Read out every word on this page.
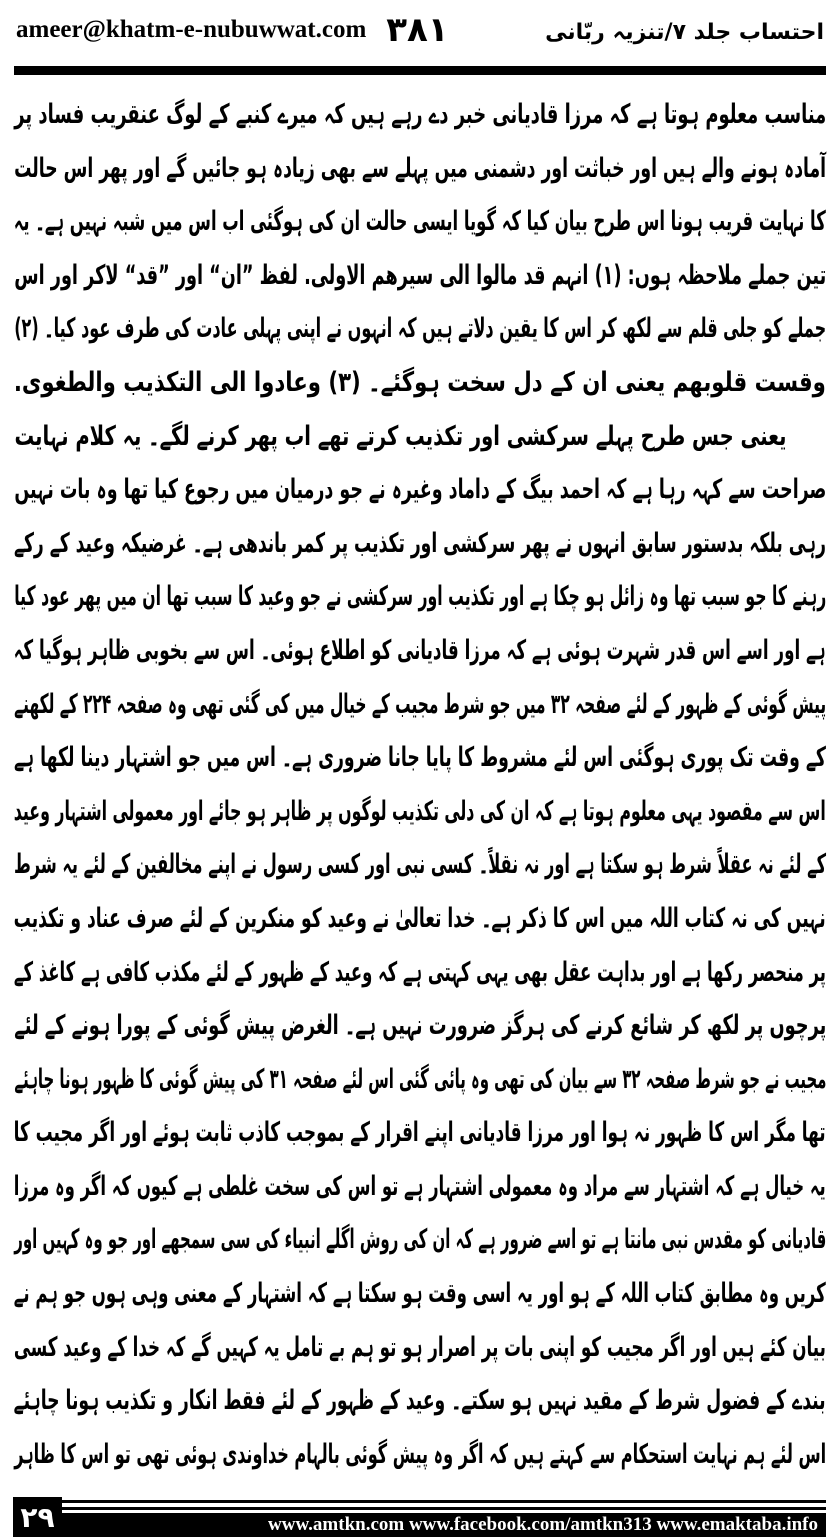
ameer@khatm-e-nubuwwat.com ۳۸۱	احتساب جلد ۷/تنزیہ ربّانی
مناسب معلوم ہوتا ہے کہ مرزا قادیانی خبر دے رہے ہیں کہ میرے کنبے کے لوگ عنقریب فساد پر
آمادہ ہونے والے ہیں اور خباثت اور دشمنی میں پہلے سے بھی زیادہ ہو جائیں گے اور پھر اس حالت
کا نہایت قریب ہونا اس طرح بیان کیا کہ گویا ایسی حالت ان کی ہوگئی اب اس میں شبہ نہیں ہے۔ یہ
تین جملے ملاحظہ ہوں: (۱) انہم قد مالوا الی سیرھم الاولی. لفظ ”ان“ اور ”قد“ لاکر اور اس
جملے کو جلی قلم سے لکھ کر اس کا یقین دلاتے ہیں کہ انہوں نے اپنی پہلی عادت کی طرف عود کیا۔ (۲)
وقست قلوبھم یعنی ان کے دل سخت ہوگئے۔ (۳) وعادوا الی التکذیب والطغوی.
یعنی جس طرح پہلے سرکشی اور تکذیب کرتے تھے اب پھر کرنے لگے۔ یہ کلام نہایت
صراحت سے کہہ رہا ہے کہ احمد بیگ کے داماد وغیرہ نے جو درمیان میں رجوع کیا تھا وہ بات نہیں
رہی بلکہ بدستور سابق انہوں نے پھر سرکشی اور تکذیب پر کمر باندھی ہے۔ غرضیکہ وعید کے رکے
رہنے کا جو سبب تھا وہ زائل ہو چکا ہے اور تکذیب اور سرکشی نے جو وعید کا سبب تھا ان میں پھر عود کیا
ہے اور اسے اس قدر شہرت ہوئی ہے کہ مرزا قادیانی کو اطلاع ہوئی۔ اس سے بخوبی ظاہر ہوگیا کہ
پیش گوئی کے ظہور کے لئے صفحہ ۳۲ میں جو شرط مجیب کے خیال میں کی گئی تھی وہ صفحہ ۲۲۴ کے لکھنے
کے وقت تک پوری ہوگئی اس لئے مشروط کا پایا جانا ضروری ہے۔ اس میں جو اشتہار دینا لکھا ہے
اس سے مقصود یہی معلوم ہوتا ہے کہ ان کی دلی تکذیب لوگوں پر ظاہر ہو جائے اور معمولی اشتہار وعید
کے لئے نہ عقلاً شرط ہو سکتا ہے اور نہ نقلاً۔ کسی نبی اور کسی رسول نے اپنے مخالفین کے لئے یہ شرط
نہیں کی نہ کتاب اللہ میں اس کا ذکر ہے۔ خدا تعالیٰ نے وعید کو منکرین کے لئے صرف عناد و تکذیب
پر منحصر رکھا ہے اور بداہت عقل بھی یہی کہتی ہے کہ وعید کے ظہور کے لئے مکذب کافی ہے کاغذ کے
پرچوں پر لکھ کر شائع کرنے کی ہرگز ضرورت نہیں ہے۔ الغرض پیش گوئی کے پورا ہونے کے لئے
مجیب نے جو شرط صفحہ ۳۲ سے بیان کی تھی وہ پائی گئی اس لئے صفحہ ۳۱ کی پیش گوئی کا ظہور ہونا چاہئے
تھا مگر اس کا ظہور نہ ہوا اور مرزا قادیانی اپنے اقرار کے بموجب کاذب ثابت ہوئے اور اگر مجیب کا
یہ خیال ہے کہ اشتہار سے مراد وہ معمولی اشتہار ہے تو اس کی سخت غلطی ہے کیوں کہ اگر وہ مرزا
قادیانی کو مقدس نبی مانتا ہے تو اسے ضرور ہے کہ ان کی روش اگلے انبیاء کی سی سمجھے اور جو وہ کہیں اور
کریں وہ مطابق کتاب اللہ کے ہو اور یہ اسی وقت ہو سکتا ہے کہ اشتہار کے معنی وہی ہوں جو ہم نے
بیان کئے ہیں اور اگر مجیب کو اپنی بات پر اصرار ہو تو ہم بے تامل یہ کہیں گے کہ خدا کے وعید کسی
بندے کے فضول شرط کے مقید نہیں ہو سکتے۔ وعید کے ظہور کے لئے فقط انکار و تکذیب ہونا چاہئے
اس لئے ہم نہایت استحکام سے کہتے ہیں کہ اگر وہ پیش گوئی بالہام خداوندی ہوئی تھی تو اس کا ظاہر
۲۹	www.amtkn.com www.facebook.com/amtkn313 www.emaktaba.info
